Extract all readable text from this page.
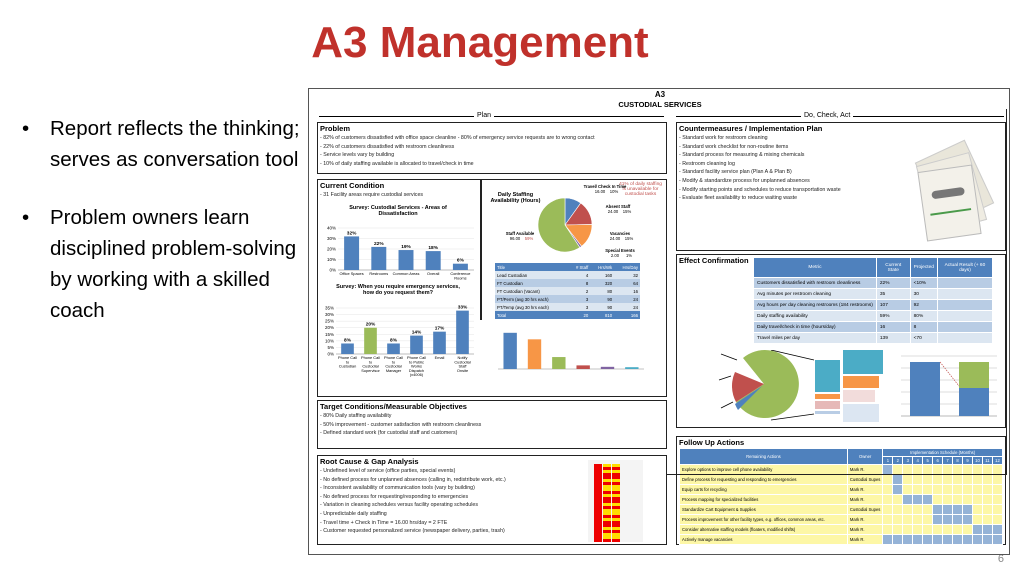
A3 Management
• Report reflects the thinking; serves as conversation tool
• Problem owners learn disciplined problem-solving by working with a skilled coach
6
A3
CUSTODIAL SERVICES
Plan	Do, Check, Act
Problem
- 82% of customers dissatisfied with office space cleanline - 80% of emergency service requests are to wrong contact
- 22% of customers dissatisfied with restroom cleanliness
- Service levels vary by building
- 10% of daily staffing available is allocated to travel/check in time
Current Condition
- 31 Facility areas require custodial services
Survey: Custodial Services - Areas of Dissatisfaction
0%
10%
20%
30%
40%
32%
Office Spaces
22%
Restrooms
19%
Common Areas
18%
Overall
6%
Conference Rooms
Survey: When you require emergency services, how do you request them?
0%
5%
10%
15%
20%
25%
30%
35%
8%
Phone Call to Custodian
20%
Phone Call to Custodial Supervisor
8%
Phone Call to Custodial Manager
14%
Phone Call to Public Works Dispatch (x4006)
17%
Email
33%
Notify Custodial Staff Onsite
Daily Staffing Availability (Hours)
41% of daily staffing is unavailable for custodial tasks
Travel/ Check In Time
16.00 10%
Absent Staff
24.00 15%
Vacancies
24.00 15%
Special Events
2.00 1%
Staff Available
96.00 59%
Title	# Staff	Hrs/Wk	Hrs/Day
Lead Custodian	4	160	32
FT Custodian	8	320	64
FT Custodian (Vacant)	2	80	16
PT/Perm (avg 30 hrs each)	3	90	24
PT/Temp (avg 30 hrs each)	3	90	24
Total	20	810	166
Target Conditions/Measurable Objectives
- 80% Daily staffing availability
- 50% improvement - customer satisfaction with restroom cleanliness
- Defined standard work (for custodial staff and customers)
Root Cause & Gap Analysis
- Undefined level of service (office parties, special events)
- No defined process for unplanned absences (calling in, redistribute work, etc.)
- Inconsistent availability of communication tools (vary by building)
- No defined process for requesting/responding to emergencies
- Variation in cleaning schedules versus facility operating schedules
- Unpredictable daily staffing
- Travel time + Check in Time = 16.00 hrs/day = 2 FTE
- Customer requested personalized service (newspaper delivery, parties, trash)
Countermeasures / Implementation Plan
- Standard work for restroom cleaning
- Standard work checklist for non-routine items
- Standard process for measuring & mixing chemicals
- Restroom cleaning log
- Standard facility service plan (Plan A & Plan B)
- Modify & standardize process for unplanned absences
- Modify starting points and schedules to reduce transportation waste
- Evaluate fleet availability to reduce waiting waste
Effect Confirmation
Metric	Current State	Projected	Actual Result (+ 60 days)
Customers dissatisfied with restroom cleanliness	22%	<10%	
Avg minutes per restroom cleaning	35	30	
Avg hours per day cleaning restrooms (184 restrooms)	107	92	
Daily staffing availability	59%	80%	
Daily travel/check in time (hours/day)	16	8	
Travel miles per day	139	<70	
Follow Up Actions
Remaining Actions	Owner	Implementation Schedule (Months)											
		1	2	3	4	5	6	7	8	9	10	11	12
Explore options to improve cell phone availability	Mark R.												
Define process for requesting and responding to emergencies	Custodial Supes												
Equip carts for recycling	Mark R.												
Process mapping for specialized facilities	Mark R.												
Standardize Cart Equipment & Supplies	Custodial Supes												
Process improvement for other facility types, e.g. offices, common areas, etc.	Mark R.												
Consider alternative staffing models (floaters, modified shifts)	Mark R.												
Actively manage vacancies	Mark R.												
